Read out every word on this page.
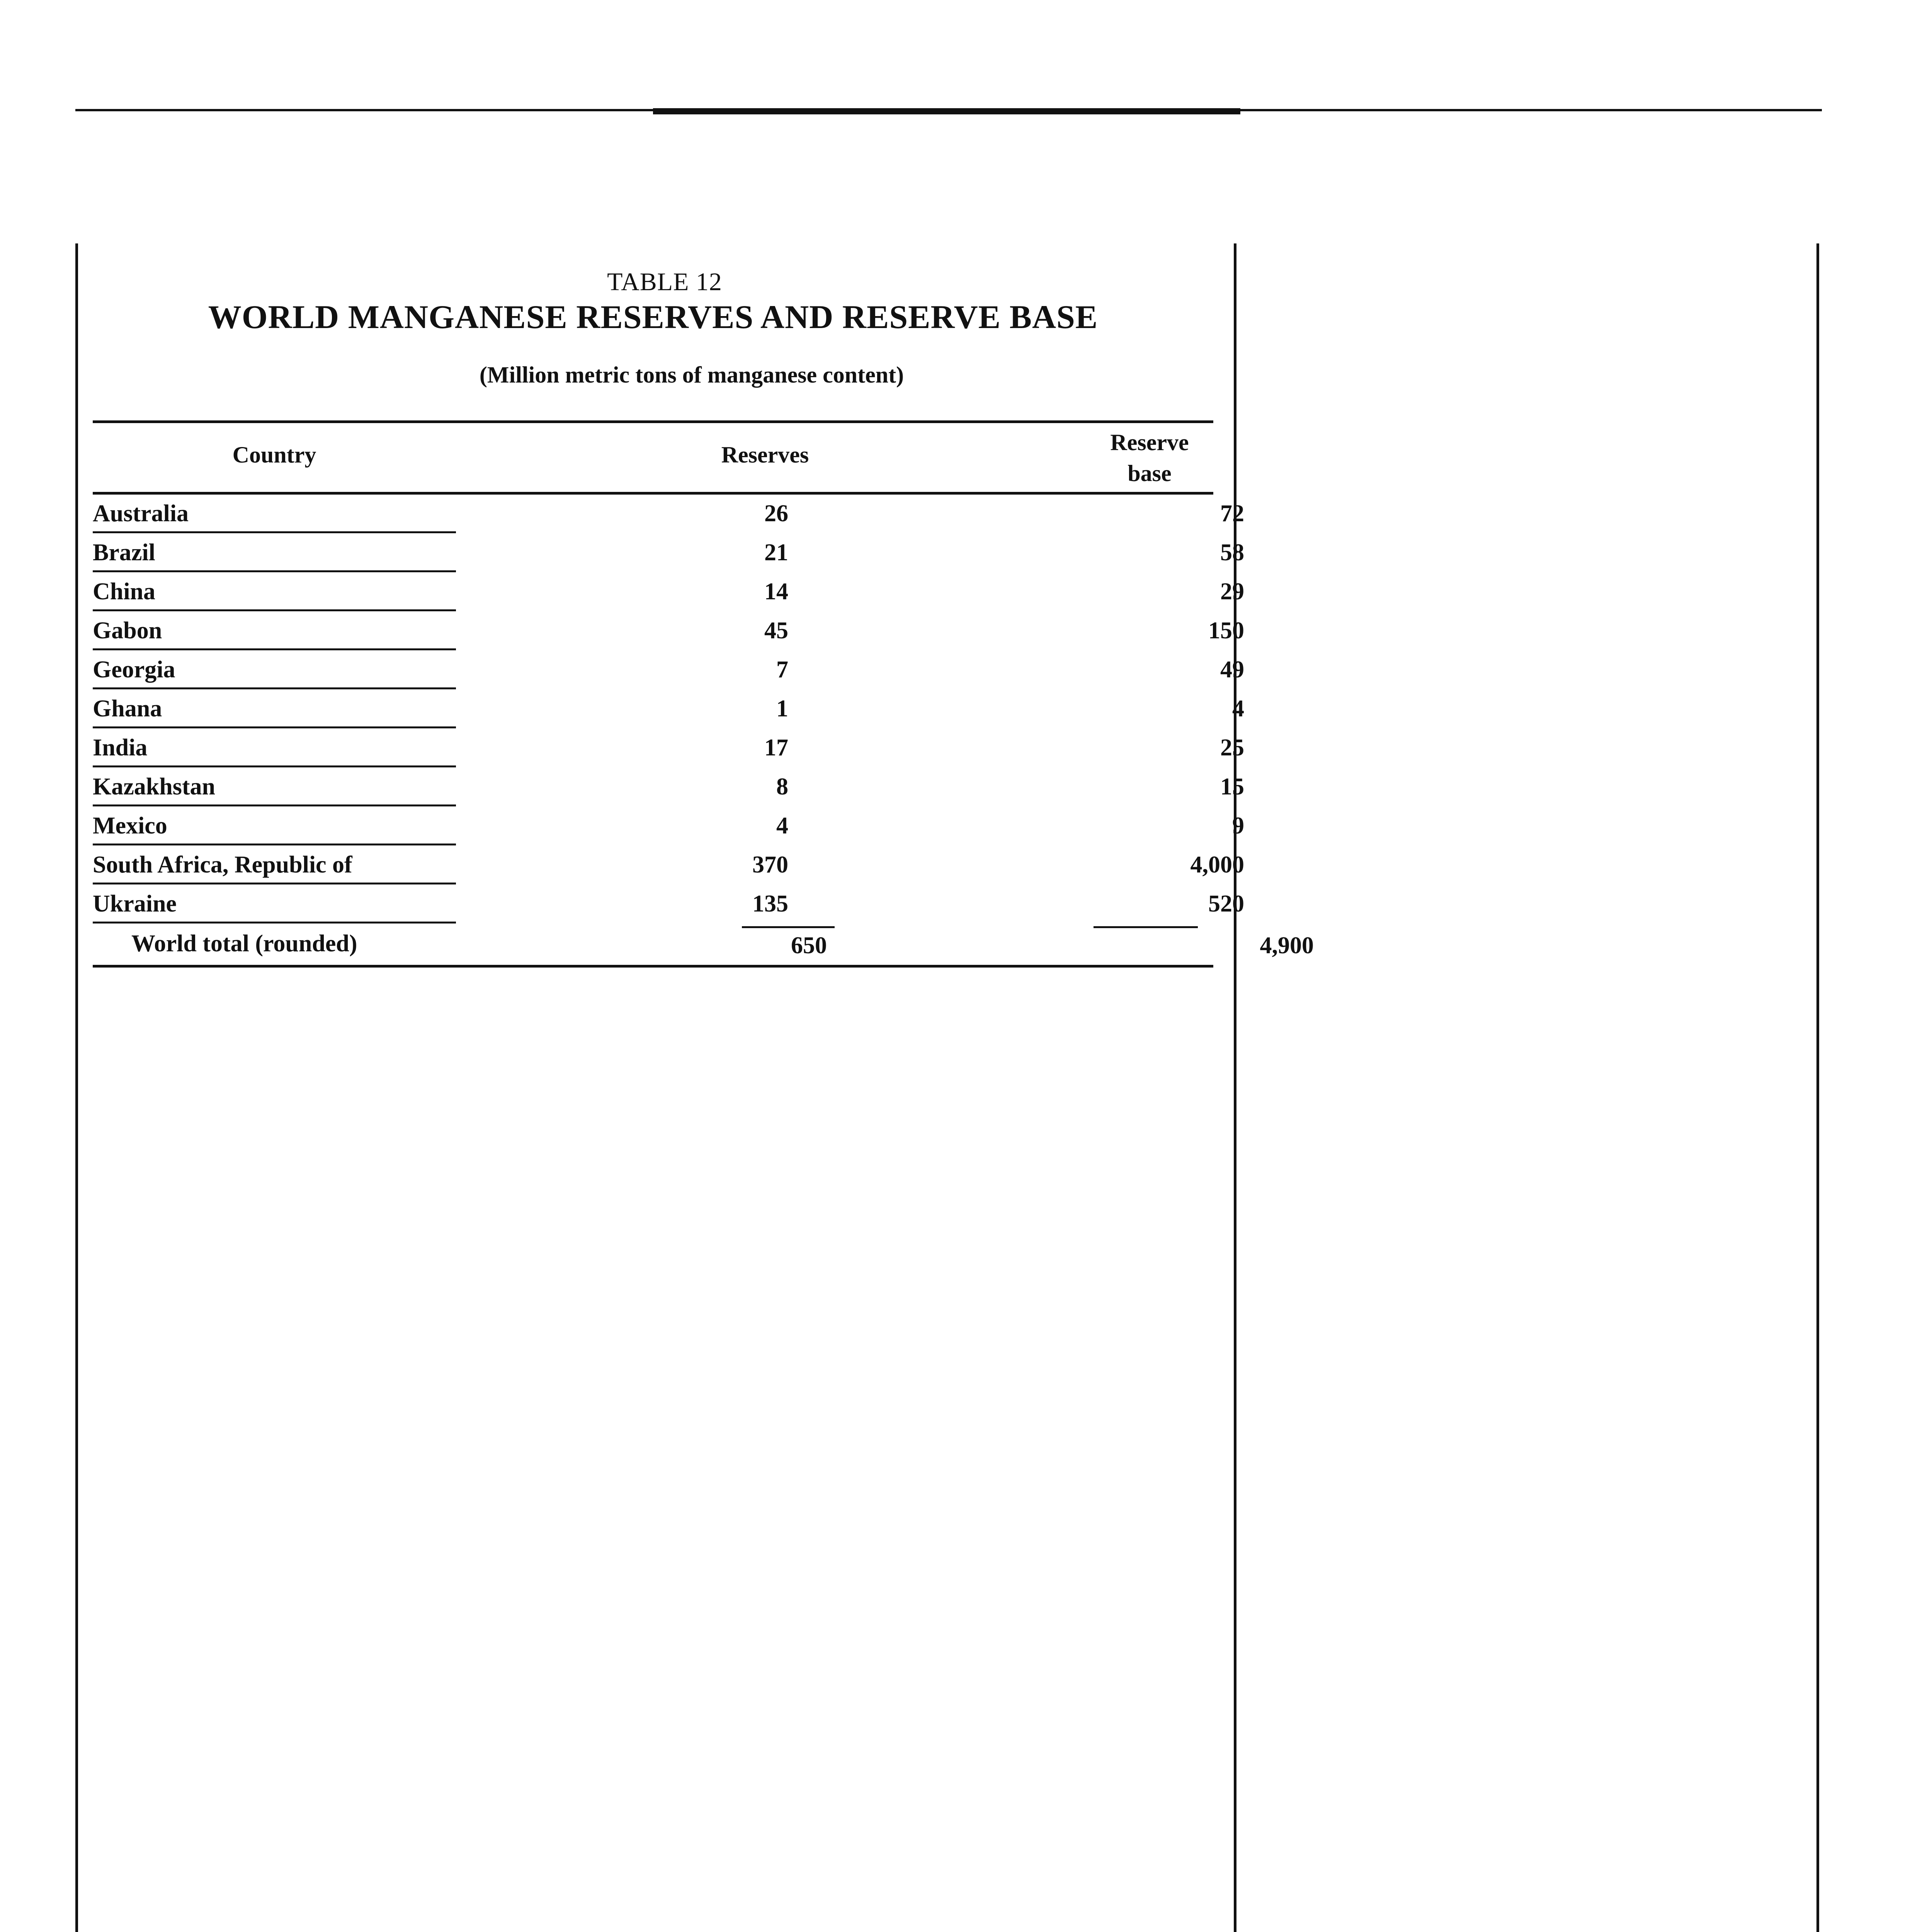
TABLE 12
WORLD MANGANESE RESERVES AND RESERVE BASE
(Million metric tons of manganese content)
Country	Reserves	Reserve
base
Australia	26	72
Brazil	21	58
China	14	29
Gabon	45	150
Georgia	7	49
Ghana	1	4
India	17	25
Kazakhstan	8	15
Mexico	4	9
South Africa, Republic of	370	4,000
Ukraine	135	520
World total (rounded)	650	4,900
